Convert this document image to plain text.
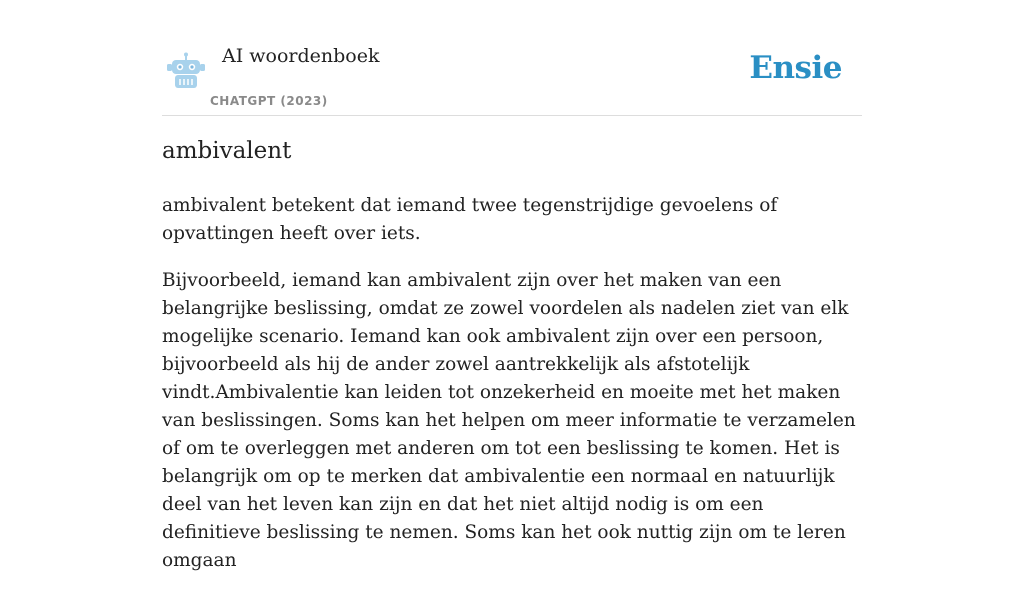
AI woordenboek
CHATGPT (2023)
Ensie
ambivalent

ambivalent betekent dat iemand twee tegenstrijdige gevoelens of opvattingen heeft over iets.

Bijvoorbeeld, iemand kan ambivalent zijn over het maken van een belangrijke beslissing, omdat ze zowel voordelen als nadelen ziet van elk mogelijke scenario. Iemand kan ook ambivalent zijn over een persoon, bijvoorbeeld als hij de ander zowel aantrekkelijk als afstotelijk vindt.Ambivalentie kan leiden tot onzekerheid en moeite met het maken van beslissingen. Soms kan het helpen om meer informatie te verzamelen of om te overleggen met anderen om tot een beslissing te komen. Het is belangrijk om op te merken dat ambivalentie een normaal en natuurlijk deel van het leven kan zijn en dat het niet altijd nodig is om een definitieve beslissing te nemen. Soms kan het ook nuttig zijn om te leren omgaan
